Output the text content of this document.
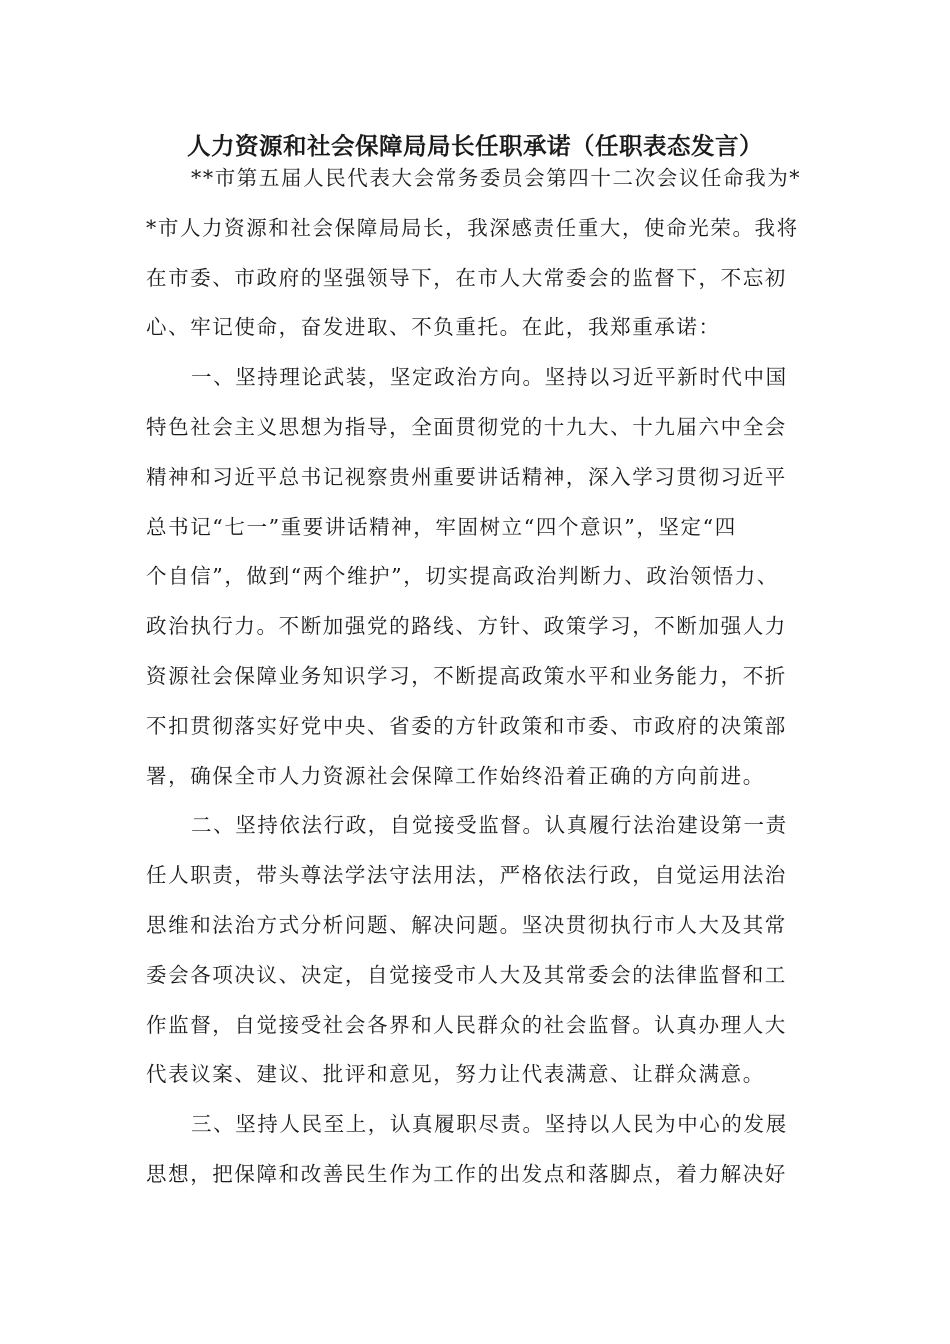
人力资源和社会保障局局长任职承诺（任职表态发言）
**市第五届人民代表大会常务委员会第四十二次会议任命我为*
*市人力资源和社会保障局局长，我深感责任重大，使命光荣。我将
在市委、市政府的坚强领导下，在市人大常委会的监督下，不忘初
心、牢记使命，奋发进取、不负重托。在此，我郑重承诺：
一、坚持理论武装，坚定政治方向。坚持以习近平新时代中国
特色社会主义思想为指导，全面贯彻党的十九大、十九届六中全会
精神和习近平总书记视察贵州重要讲话精神，深入学习贯彻习近平
总书记“七一”重要讲话精神，牢固树立“四个意识”，坚定“四
个自信”，做到“两个维护”，切实提高政治判断力、政治领悟力、
政治执行力。不断加强党的路线、方针、政策学习，不断加强人力
资源社会保障业务知识学习，不断提高政策水平和业务能力，不折
不扣贯彻落实好党中央、省委的方针政策和市委、市政府的决策部
署，确保全市人力资源社会保障工作始终沿着正确的方向前进。
二、坚持依法行政，自觉接受监督。认真履行法治建设第一责
任人职责，带头尊法学法守法用法，严格依法行政，自觉运用法治
思维和法治方式分析问题、解决问题。坚决贯彻执行市人大及其常
委会各项决议、决定，自觉接受市人大及其常委会的法律监督和工
作监督，自觉接受社会各界和人民群众的社会监督。认真办理人大
代表议案、建议、批评和意见，努力让代表满意、让群众满意。
三、坚持人民至上，认真履职尽责。坚持以人民为中心的发展
思想，把保障和改善民生作为工作的出发点和落脚点，着力解决好
